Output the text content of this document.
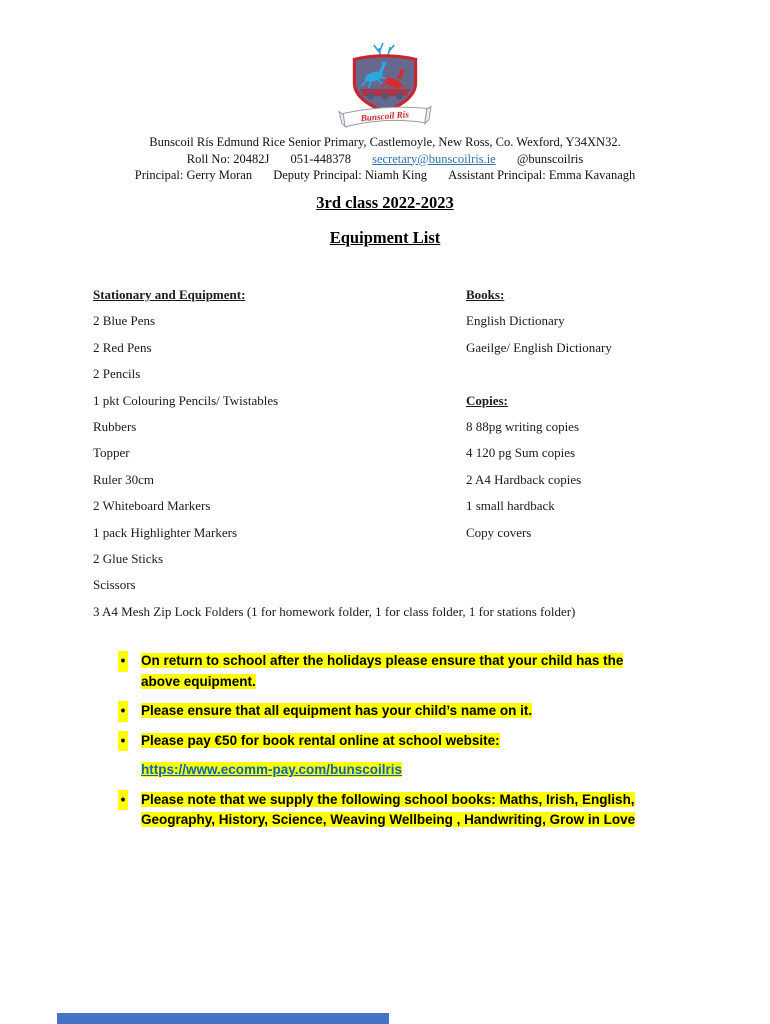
Bunscoil Rís
Bunscoil Rís Edmund Rice Senior Primary, Castlemoyle, New Ross, Co. Wexford, Y34XN32.
Roll No: 20482J 051-448378 secretary@bunscoilris.ie @bunscoilris
Principal: Gerry Moran Deputy Principal: Niamh King Assistant Principal: Emma Kavanagh
3rd class 2022-2023
Equipment List
Stationary and Equipment:
2 Blue Pens
2 Red Pens
2 Pencils
1 pkt Colouring Pencils/ Twistables
Rubbers
Topper
Ruler 30cm
2 Whiteboard Markers
1 pack Highlighter Markers
2 Glue Sticks
Scissors
3 A4 Mesh Zip Lock Folders (1 for homework folder, 1 for class folder, 1 for stations folder)
Books:
English Dictionary
Gaeilge/ English Dictionary
Copies:
8 88pg writing copies
4 120 pg Sum copies
2 A4 Hardback copies
1 small hardback
Copy covers
• On return to school after the holidays please ensure that your child has the above equipment.
• Please ensure that all equipment has your child’s name on it.
• Please pay €50 for book rental online at school website:
https://www.ecomm-pay.com/bunscoilris
• Please note that we supply the following school books: Maths, Irish, English, Geography, History, Science, Weaving Wellbeing , Handwriting, Grow in Love
